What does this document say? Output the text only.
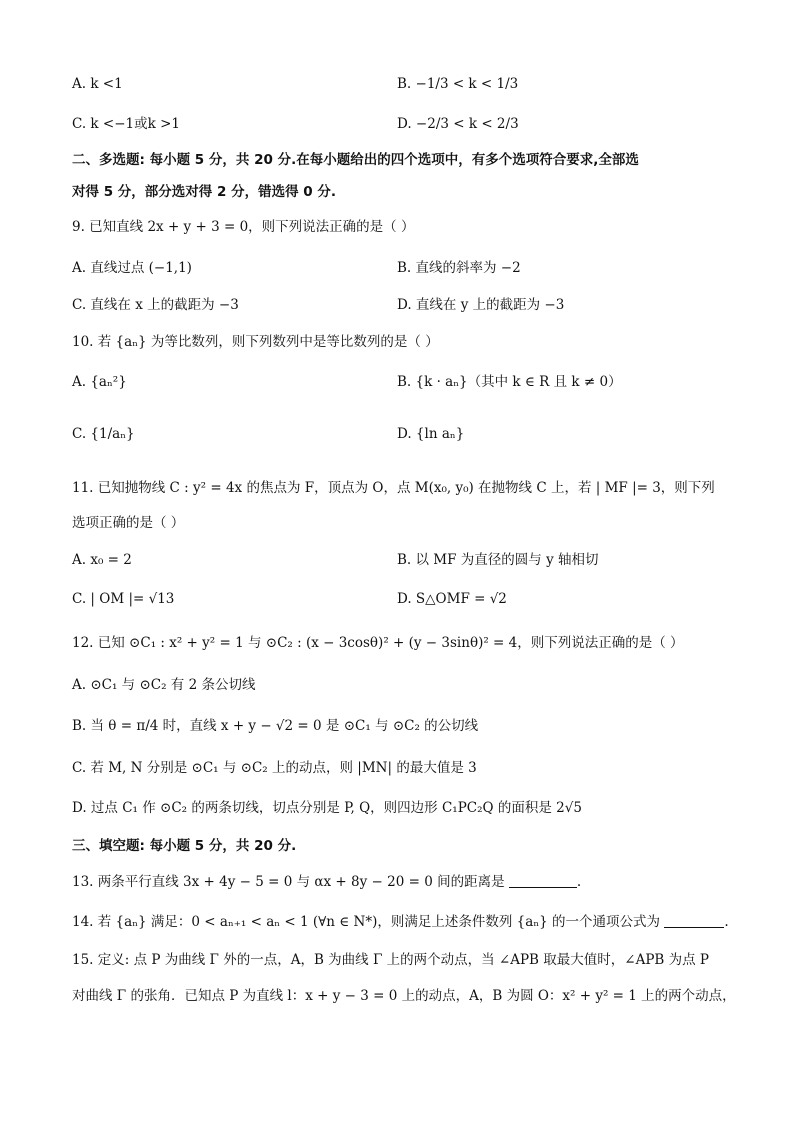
A. k <1	B. −1/3 < k < 1/3
C. k <−1或k >1	D. −2/3 < k < 2/3
二、多选题: 每小题 5 分，共 20 分.在每小题给出的四个选项中，有多个选项符合要求,全部选
对得 5 分，部分选对得 2 分，错选得 0 分.
9. 已知直线 2x + y + 3 = 0，则下列说法正确的是（ ）
A. 直线过点 (−1,1)	B. 直线的斜率为 −2
C. 直线在 x 上的截距为 −3	D. 直线在 y 上的截距为 −3
10. 若 {aₙ} 为等比数列，则下列数列中是等比数列的是（ ）
A. {aₙ²}	B. {k · aₙ}（其中 k ∈ R 且 k ≠ 0）
C. {1/aₙ}	D. {ln aₙ}
11. 已知抛物线 C : y² = 4x 的焦点为 F，顶点为 O，点 M(x₀, y₀) 在抛物线 C 上，若 | MF |= 3，则下列
选项正确的是（ ）
A. x₀ = 2	B. 以 MF 为直径的圆与 y 轴相切
C. | OM |= √13	D. S△OMF = √2
12. 已知 ⊙C₁ : x² + y² = 1 与 ⊙C₂ : (x − 3cosθ)² + (y − 3sinθ)² = 4，则下列说法正确的是（ ）
A. ⊙C₁ 与 ⊙C₂ 有 2 条公切线
B. 当 θ = π/4 时，直线 x + y − √2 = 0 是 ⊙C₁ 与 ⊙C₂ 的公切线
C. 若 M, N 分别是 ⊙C₁ 与 ⊙C₂ 上的动点，则 |MN| 的最大值是 3
D. 过点 C₁ 作 ⊙C₂ 的两条切线，切点分别是 P, Q，则四边形 C₁PC₂Q 的面积是 2√5
三、填空题: 每小题 5 分，共 20 分.
13. 两条平行直线 3x + 4y − 5 = 0 与 αx + 8y − 20 = 0 间的距离是	.
14. 若 {aₙ} 满足：0 < aₙ₊₁ < aₙ < 1 (∀n ∈ N*)，则满足上述条件数列 {aₙ} 的一个通项公式为	.
15. 定义: 点 P 为曲线 Γ 外的一点，A，B 为曲线 Γ 上的两个动点，当 ∠APB 取最大值时，∠APB 为点 P
对曲线 Γ 的张角．已知点 P 为直线 l：x + y − 3 = 0 上的动点，A，B 为圆 O：x² + y² = 1 上的两个动点，
